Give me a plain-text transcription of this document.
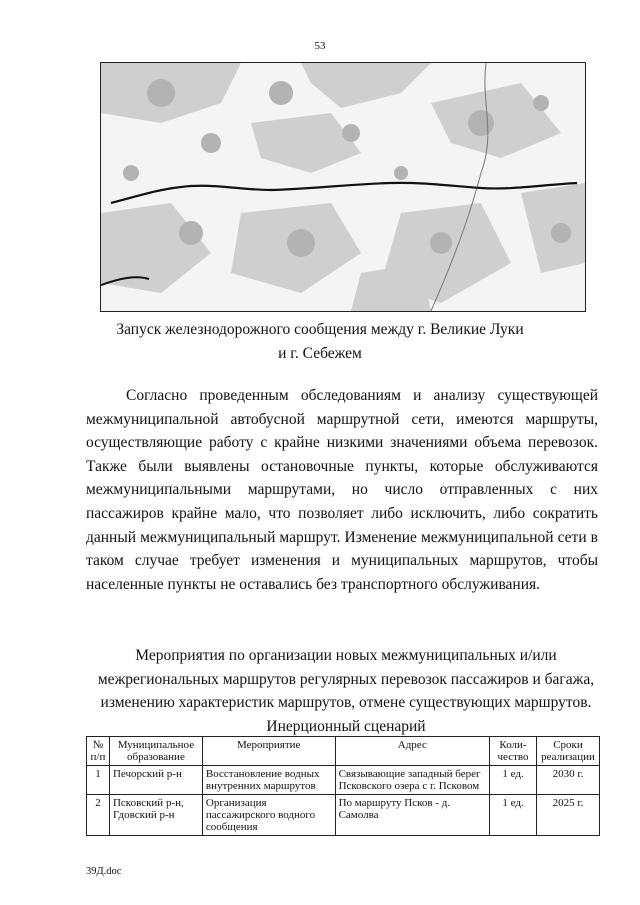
53
Запуск железнодорожного сообщения между г. Великие Луки
и г. Себежем

Согласно проведенным обследованиям и анализу существующей межмуниципальной автобусной маршрутной сети, имеются маршруты, осуществляющие работу с крайне низкими значениями объема перевозок. Также были выявлены остановочные пункты, которые обслуживаются межмуниципальными маршрутами, но число отправленных с них пассажиров крайне мало, что позволяет либо исключить, либо сократить данный межмуниципальный маршрут. Изменение межмуниципальной сети в таком случае требует изменения и муниципальных маршрутов, чтобы населенные пункты не оставались без транспортного обслуживания.

Мероприятия по организации новых межмуниципальных и/или межрегиональных маршрутов регулярных перевозок пассажиров и багажа, изменению характеристик маршрутов, отмене существующих маршрутов. Инерционный сценарий
№ п/п	Муниципальное образование	Мероприятие	Адрес	Коли-чество	Сроки реализации
1	Печорский р-н	Восстановление водных внутренних маршрутов	Связывающие западный берег Псковского озера с г. Псковом	1 ед.	2030 г.
2	Псковский р-н, Гдовский р-н	Организация пассажирского водного сообщения	По маршруту Псков - д. Самолва	1 ед.	2025 г.
39Д.doc
